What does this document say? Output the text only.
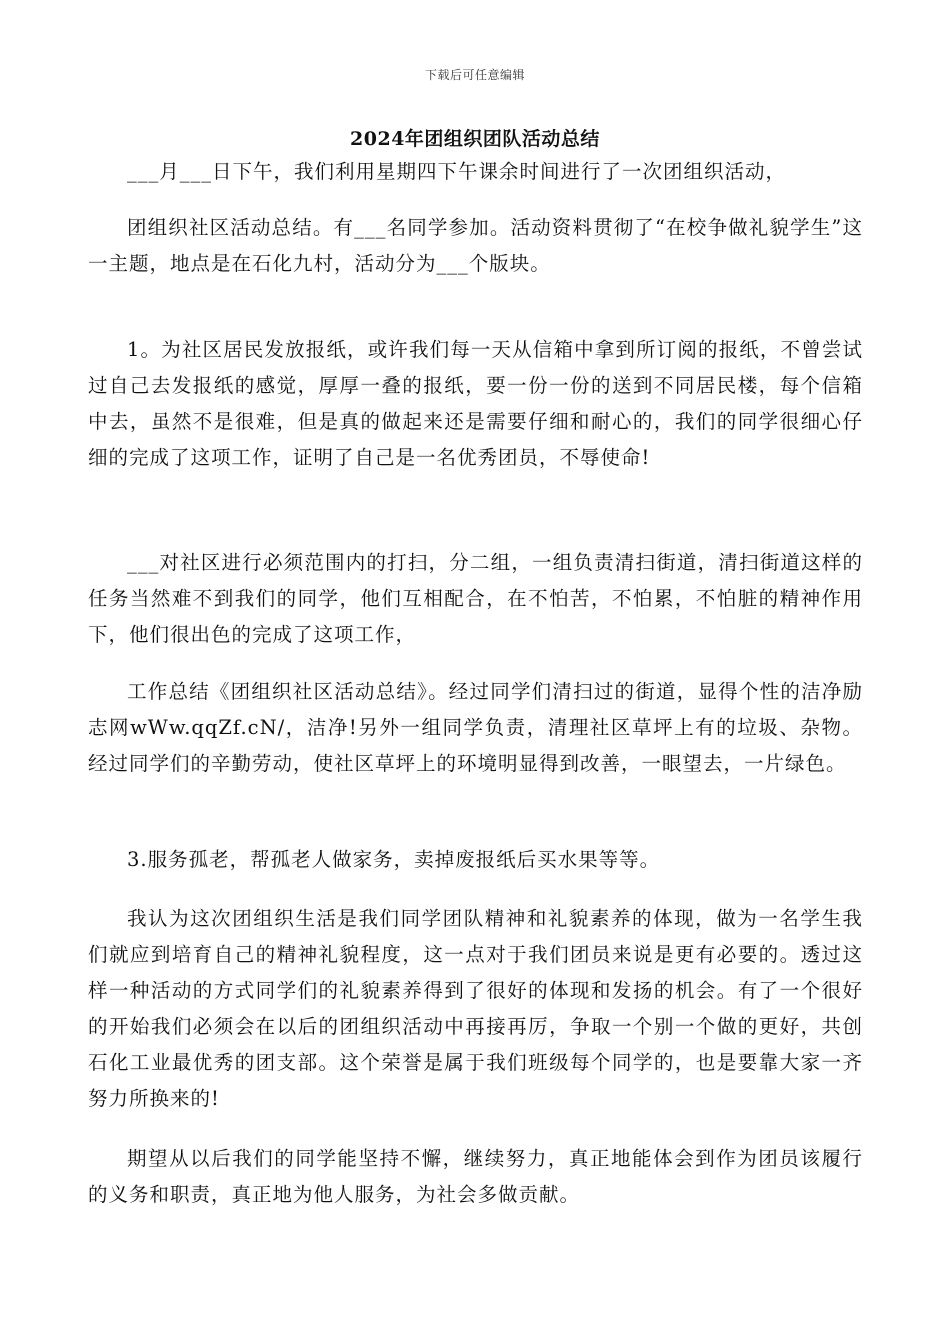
下载后可任意编辑
2024年团组织团队活动总结

___月___日下午，我们利用星期四下午课余时间进行了一次团组织活动，

团组织社区活动总结。有___名同学参加。活动资料贯彻了“在校争做礼貌学生”这一主题，地点是在石化九村，活动分为___个版块。

1。为社区居民发放报纸，或许我们每一天从信箱中拿到所订阅的报纸，不曾尝试过自己去发报纸的感觉，厚厚一叠的报纸，要一份一份的送到不同居民楼，每个信箱中去，虽然不是很难，但是真的做起来还是需要仔细和耐心的，我们的同学很细心仔细的完成了这项工作，证明了自己是一名优秀团员，不辱使命!

___对社区进行必须范围内的打扫，分二组，一组负责清扫街道，清扫街道这样的任务当然难不到我们的同学，他们互相配合，在不怕苦，不怕累，不怕脏的精神作用下，他们很出色的完成了这项工作，

工作总结《团组织社区活动总结》。经过同学们清扫过的街道，显得个性的洁净励志网wWw.qqZf.cN/，洁净!另外一组同学负责，清理社区草坪上有的垃圾、杂物。经过同学们的辛勤劳动，使社区草坪上的环境明显得到改善，一眼望去，一片绿色。

3.服务孤老，帮孤老人做家务，卖掉废报纸后买水果等等。

我认为这次团组织生活是我们同学团队精神和礼貌素养的体现，做为一名学生我们就应到培育自己的精神礼貌程度，这一点对于我们团员来说是更有必要的。透过这样一种活动的方式同学们的礼貌素养得到了很好的体现和发扬的机会。有了一个很好的开始我们必须会在以后的团组织活动中再接再厉，争取一个别一个做的更好，共创石化工业最优秀的团支部。这个荣誉是属于我们班级每个同学的，也是要靠大家一齐努力所换来的!

期望从以后我们的同学能坚持不懈，继续努力，真正地能体会到作为团员该履行的义务和职责，真正地为他人服务，为社会多做贡献。
